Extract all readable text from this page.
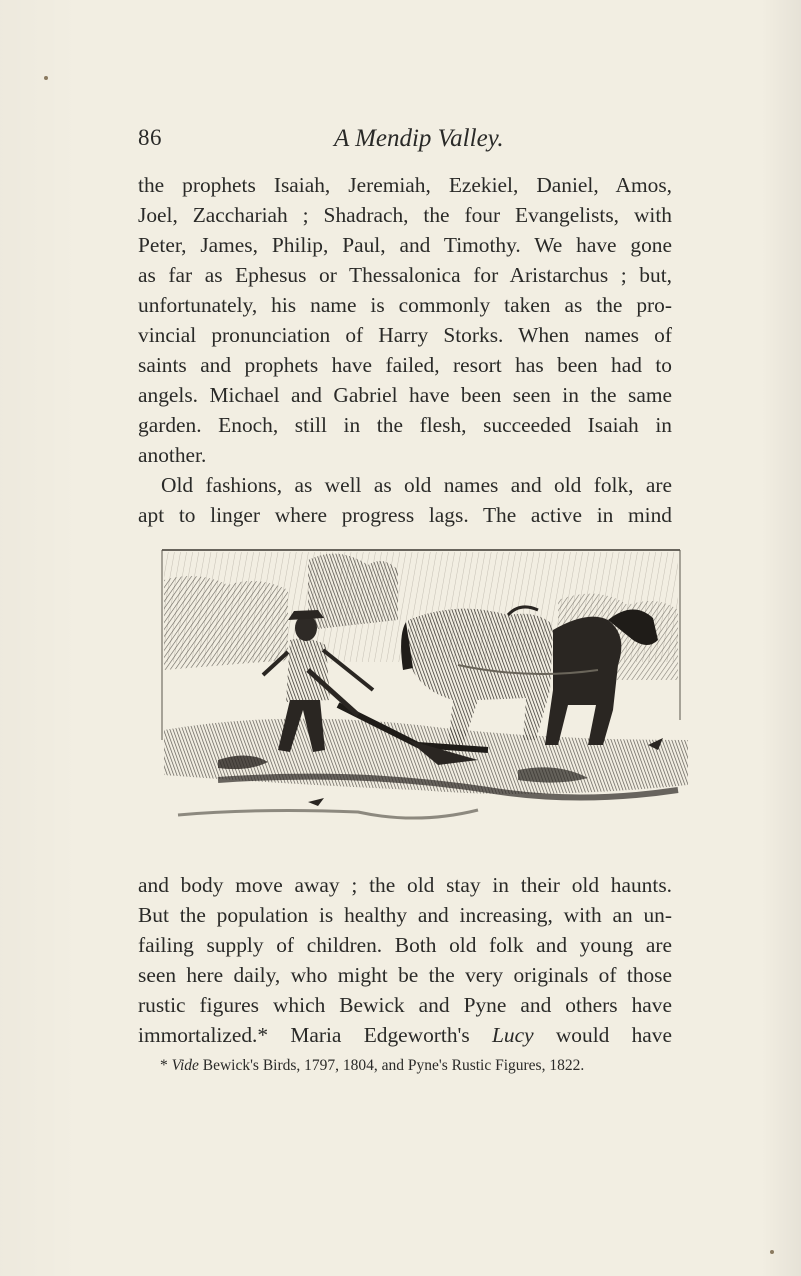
86	A Mendip Valley.

the prophets Isaiah, Jeremiah, Ezekiel, Daniel, Amos,
Joel, Zacchariah ; Shadrach, the four Evangelists, with
Peter, James, Philip, Paul, and Timothy. We have gone
as far as Ephesus or Thessalonica for Aristarchus ; but,
unfortunately, his name is commonly taken as the pro-
vincial pronunciation of Harry Storks. When names of
saints and prophets have failed, resort has been had to
angels. Michael and Gabriel have been seen in the same
garden. Enoch, still in the flesh, succeeded Isaiah in
another.

Old fashions, as well as old names and old folk, are
apt to linger where progress lags. The active in mind

and body move away ; the old stay in their old haunts.
But the population is healthy and increasing, with an un-
failing supply of children. Both old folk and young are
seen here daily, who might be the very originals of those
rustic figures which Bewick and Pyne and others have
immortalized.* Maria Edgeworth's Lucy would have

* Vide Bewick's Birds, 1797, 1804, and Pyne's Rustic Figures, 1822.
